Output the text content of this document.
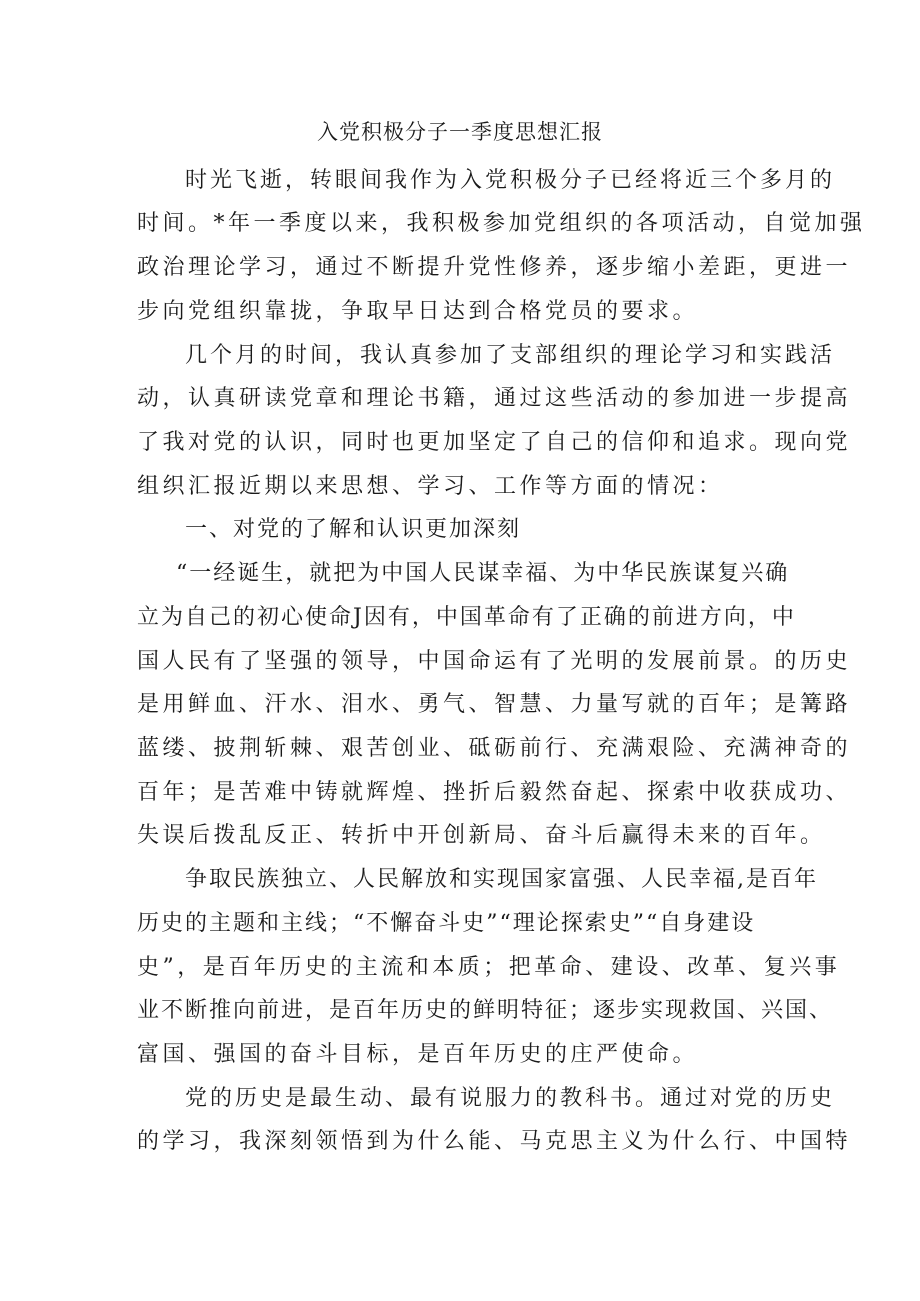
入党积极分子一季度思想汇报
时光飞逝，转眼间我作为入党积极分子已经将近三个多月的
时间。*年一季度以来，我积极参加党组织的各项活动，自觉加强
政治理论学习，通过不断提升党性修养，逐步缩小差距，更进一
步向党组织靠拢，争取早日达到合格党员的要求。
几个月的时间，我认真参加了支部组织的理论学习和实践活
动，认真研读党章和理论书籍，通过这些活动的参加进一步提高
了我对党的认识，同时也更加坚定了自己的信仰和追求。现向党
组织汇报近期以来思想、学习、工作等方面的情况：
一、对党的了解和认识更加深刻
“一经诞生，就把为中国人民谋幸福、为中华民族谋复兴确
立为自己的初心使命J因有，中国革命有了正确的前进方向，中
国人民有了坚强的领导，中国命运有了光明的发展前景。的历史
是用鲜血、汗水、泪水、勇气、智慧、力量写就的百年；是篝路
蓝缕、披荆斩棘、艰苦创业、砥砺前行、充满艰险、充满神奇的
百年；是苦难中铸就辉煌、挫折后毅然奋起、探索中收获成功、
失误后拨乱反正、转折中开创新局、奋斗后赢得未来的百年。
争取民族独立、人民解放和实现国家富强、人民幸福,是百年
历史的主题和主线；“不懈奋斗史”“理论探索史”“自身建设
史”，是百年历史的主流和本质；把革命、建设、改革、复兴事
业不断推向前进，是百年历史的鲜明特征；逐步实现救国、兴国、
富国、强国的奋斗目标，是百年历史的庄严使命。
党的历史是最生动、最有说服力的教科书。通过对党的历史
的学习，我深刻领悟到为什么能、马克思主义为什么行、中国特
